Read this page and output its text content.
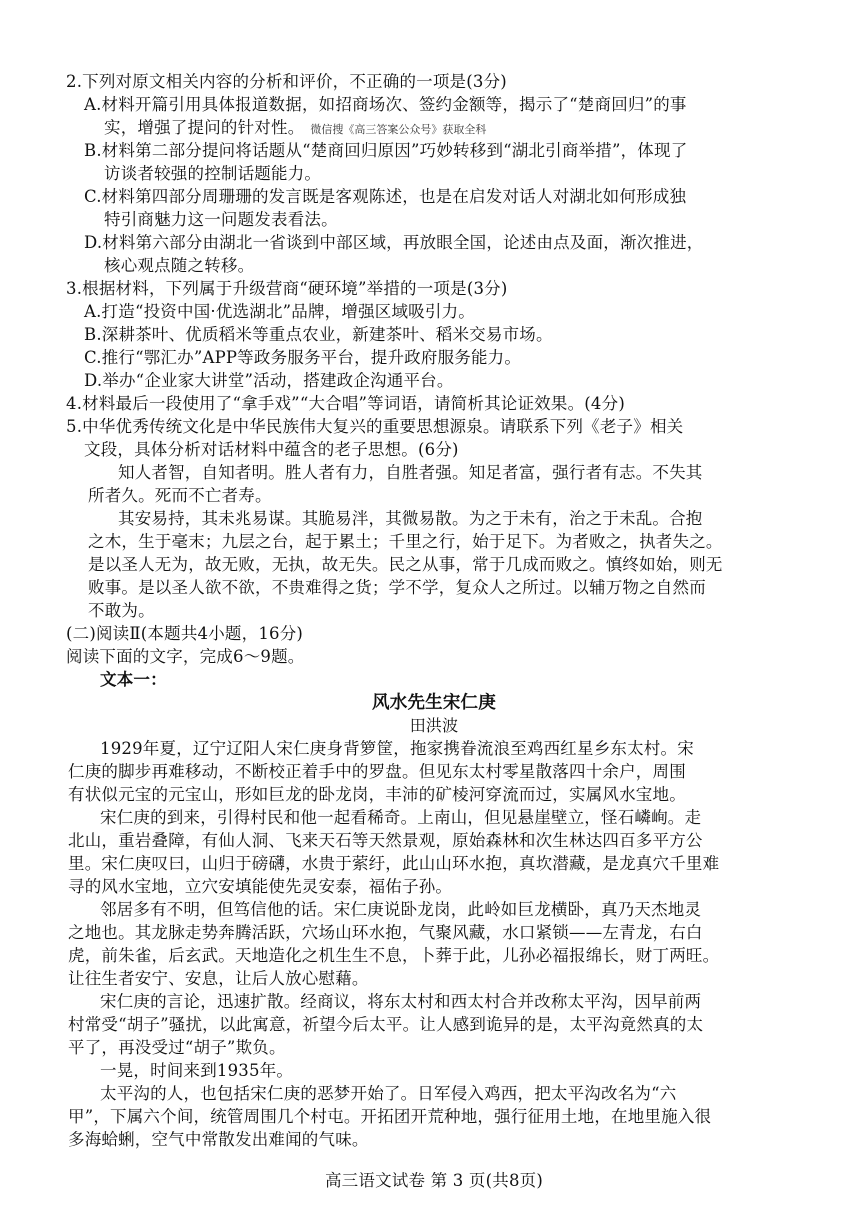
2.下列对原文相关内容的分析和评价，不正确的一项是(3分)
A.材料开篇引用具体报道数据，如招商场次、签约金额等，揭示了“楚商回归”的事
实，增强了提问的针对性。 微信搜《高三答案公众号》获取全科
B.材料第二部分提问将话题从“楚商回归原因”巧妙转移到“湖北引商举措”，体现了
访谈者较强的控制话题能力。
C.材料第四部分周珊珊的发言既是客观陈述，也是在启发对话人对湖北如何形成独
特引商魅力这一问题发表看法。
D.材料第六部分由湖北一省谈到中部区域，再放眼全国，论述由点及面，渐次推进，
核心观点随之转移。
3.根据材料，下列属于升级营商“硬环境”举措的一项是(3分)
A.打造“投资中国·优选湖北”品牌，增强区域吸引力。
B.深耕茶叶、优质稻米等重点农业，新建茶叶、稻米交易市场。
C.推行“鄂汇办”APP等政务服务平台，提升政府服务能力。
D.举办“企业家大讲堂”活动，搭建政企沟通平台。
4.材料最后一段使用了“拿手戏”“大合唱”等词语，请简析其论证效果。(4分)
5.中华优秀传统文化是中华民族伟大复兴的重要思想源泉。请联系下列《老子》相关
文段，具体分析对话材料中蕴含的老子思想。(6分)
知人者智，自知者明。胜人者有力，自胜者强。知足者富，强行者有志。不失其
所者久。死而不亡者寿。
其安易持，其未兆易谋。其脆易泮，其微易散。为之于未有，治之于未乱。合抱
之木，生于毫末；九层之台，起于累土；千里之行，始于足下。为者败之，执者失之。
是以圣人无为，故无败，无执，故无失。民之从事，常于几成而败之。慎终如始，则无
败事。是以圣人欲不欲，不贵难得之货；学不学，复众人之所过。以辅万物之自然而
不敢为。
(二)阅读Ⅱ(本题共4小题，16分)
阅读下面的文字，完成6～9题。
文本一：
风水先生宋仁庚
田洪波
1929年夏，辽宁辽阳人宋仁庚身背箩筐，拖家携眷流浪至鸡西红星乡东太村。宋
仁庚的脚步再难移动，不断校正着手中的罗盘。但见东太村零星散落四十余户，周围
有状似元宝的元宝山，形如巨龙的卧龙岗，丰沛的矿棱河穿流而过，实属风水宝地。
宋仁庚的到来，引得村民和他一起看稀奇。上南山，但见悬崖壁立，怪石嶙峋。走
北山，重岩叠障，有仙人洞、飞来天石等天然景观，原始森林和次生林达四百多平方公
里。宋仁庚叹曰，山归于磅礴，水贵于萦纡，此山山环水抱，真坎潜藏，是龙真穴千里难
寻的风水宝地，立穴安填能使先灵安泰，福佑子孙。
邻居多有不明，但笃信他的话。宋仁庚说卧龙岗，此岭如巨龙横卧，真乃天杰地灵
之地也。其龙脉走势奔腾活跃，穴场山环水抱，气聚风藏，水口紧锁——左青龙，右白
虎，前朱雀，后玄武。天地造化之机生生不息，卜葬于此，儿孙必福报绵长，财丁两旺。
让往生者安宁、安息，让后人放心慰藉。
宋仁庚的言论，迅速扩散。经商议，将东太村和西太村合并改称太平沟，因早前两
村常受“胡子”骚扰，以此寓意，祈望今后太平。让人感到诡异的是，太平沟竟然真的太
平了，再没受过“胡子”欺负。
一晃，时间来到1935年。
太平沟的人，也包括宋仁庚的恶梦开始了。日军侵入鸡西，把太平沟改名为“六
甲”，下属六个间，统管周围几个村屯。开拓团开荒种地，强行征用土地，在地里施入很
多海蛤蜊，空气中常散发出难闻的气味。
高三语文试卷 第 3 页(共8页)
